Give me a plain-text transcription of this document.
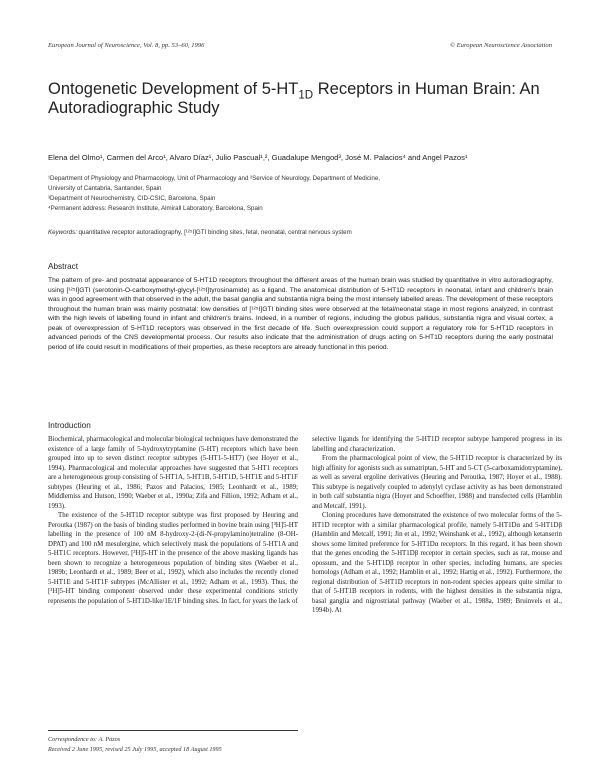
European Journal of Neuroscience, Vol. 8, pp. 53–60, 1996	© European Neuroscience Association
Ontogenetic Development of $5-HT_{1D}$ Receptors in Human Brain: An Autoradiographic Study
Elena del Olmo¹, Carmen del Arco¹, Alvaro Díaz¹, Julio Pascual¹,², Guadalupe Mengod³, José M. Palacios⁴ and Angel Pazos¹
¹Department of Physiology and Pharmacology, Unit of Pharmacology and ²Service of Neurology, Department of Medicine,
University of Cantabria, Santander, Spain
³Department of Neurochemistry, CID-CSIC, Barcelona, Spain
⁴Permanent address: Research Institute, Almirall Laboratory, Barcelona, Spain
Keywords: quantitative receptor autoradiography, [¹²⁵I]GTI binding sites, fetal, neonatal, central nervous system
Abstract
The pattern of pre- and postnatal appearance of 5-HT1D receptors throughout the different areas of the human brain was studied by quantitative in vitro autoradiography, using [¹²⁵I]GTI (serotonin-O-carboxymethyl-glycyl-[¹²⁵I]tyrosinamide) as a ligand. The anatomical distribution of 5-HT1D receptors in neonatal, infant and children's brain was in good agreement with that observed in the adult, the basal ganglia and substantia nigra being the most intensely labelled areas. The development of these receptors throughout the human brain was mainly postnatal: low densities of [¹²⁵I]GTI binding sites were observed at the fetal/neonatal stage in most regions analyzed, in contrast with the high levels of labelling found in infant and children's brains. Indeed, in a number of regions, including the globus pallidus, substantia nigra and visual cortex, a peak of overexpression of 5-HT1D receptors was observed in the first decade of life. Such overexpression could support a regulatory role for 5-HT1D receptors in advanced periods of the CNS developmental process. Our results also indicate that the administration of drugs acting on 5-HT1D receptors during the early postnatal period of life could result in modifications of their properties, as these receptors are already functional in this period.
Introduction

Biochemical, pharmacological and molecular biological techniques have demonstrated the existence of a large family of 5-hydroxytryptamine (5-HT) receptors which have been grouped into up to seven distinct receptor subtypes (5-HT1-5-HT7) (see Hoyer et al., 1994). Pharmacological and molecular approaches have suggested that 5-HT1 receptors are a heterogeneous group consisting of 5-HT1A, 5-HT1B, 5-HT1D, 5-HT1E and 5-HT1F subtypes (Heuring et al., 1986; Pazos and Palacios, 1985; Leonhardt et al., 1989; Middlemiss and Hutson, 1990; Waeber et al., 1990a; Zifa and Fillion, 1992; Adham et al., 1993).

The existence of the 5-HT1D receptor subtype was first proposed by Heuring and Peroutka (1987) on the basis of binding studies performed in bovine brain using [³H]5-HT labelling in the presence of 100 nM 8-hydroxy-2-(di-N-propylamino)tetraline (8-OH-DPAT) and 100 nM mesulergine, which selectively mask the populations of 5-HT1A and 5-HT1C receptors. However, [³H]5-HT in the presence of the above masking ligands has been shown to recognize a heterogeneous population of binding sites (Waeber et al., 1989b; Leonhardt et al., 1989; Beer et al., 1992), which also includes the recently cloned 5-HT1E and 5-HT1F subtypes (McAllister et al., 1992; Adham et al., 1993). Thus, the [³H]5-HT binding component observed under these experimental conditions strictly represents the population of 5-HT1D-like/1E/1F binding sites. In fact, for years the lack of

selective ligands for identifying the 5-HT1D receptor subtype hampered progress in its labelling and characterization.

From the pharmacological point of view, the 5-HT1D receptor is characterized by its high affinity for agonists such as sumatriptan, 5-HT and 5-CT (5-carboxamidotryptamine), as well as several ergoline derivatives (Heuring and Peroutka, 1987; Hoyer et al., 1988). This subtype is negatively coupled to adenylyl cyclase activity as has been demonstrated in both calf substantia nigra (Hoyer and Schoeffter, 1988) and transfected cells (Hamblin and Metcalf, 1991).

Cloning procedures have demonstrated the existence of two molecular forms of the 5-HT1D receptor with a similar pharmacological profile, namely 5-HT1Dα and 5-HT1Dβ (Hamblin and Metcalf, 1991; Jin et al., 1992; Weinshank et al., 1992), although ketanserin shows some limited preference for 5-HT1Dα receptors. In this regard, it has been shown that the genes encoding the 5-HT1Dβ receptor in certain species, such as rat, mouse and opossum, and the 5-HT1Dβ receptor in other species, including humans, are species homologs (Adham et al., 1992; Hamblin et al., 1992; Hartig et al., 1992). Furthermore, the regional distribution of 5-HT1D receptors in non-rodent species appears quite similar to that of 5-HT1B receptors in rodents, with the highest densities in the substantia nigra, basal ganglia and nigrostriatal pathway (Waeber et al., 1988a, 1989; Bruinvels et al., 1994b). At

Correspondence to: A. Pazos
Received 2 June 1995, revised 25 July 1995, accepted 18 August 1995
